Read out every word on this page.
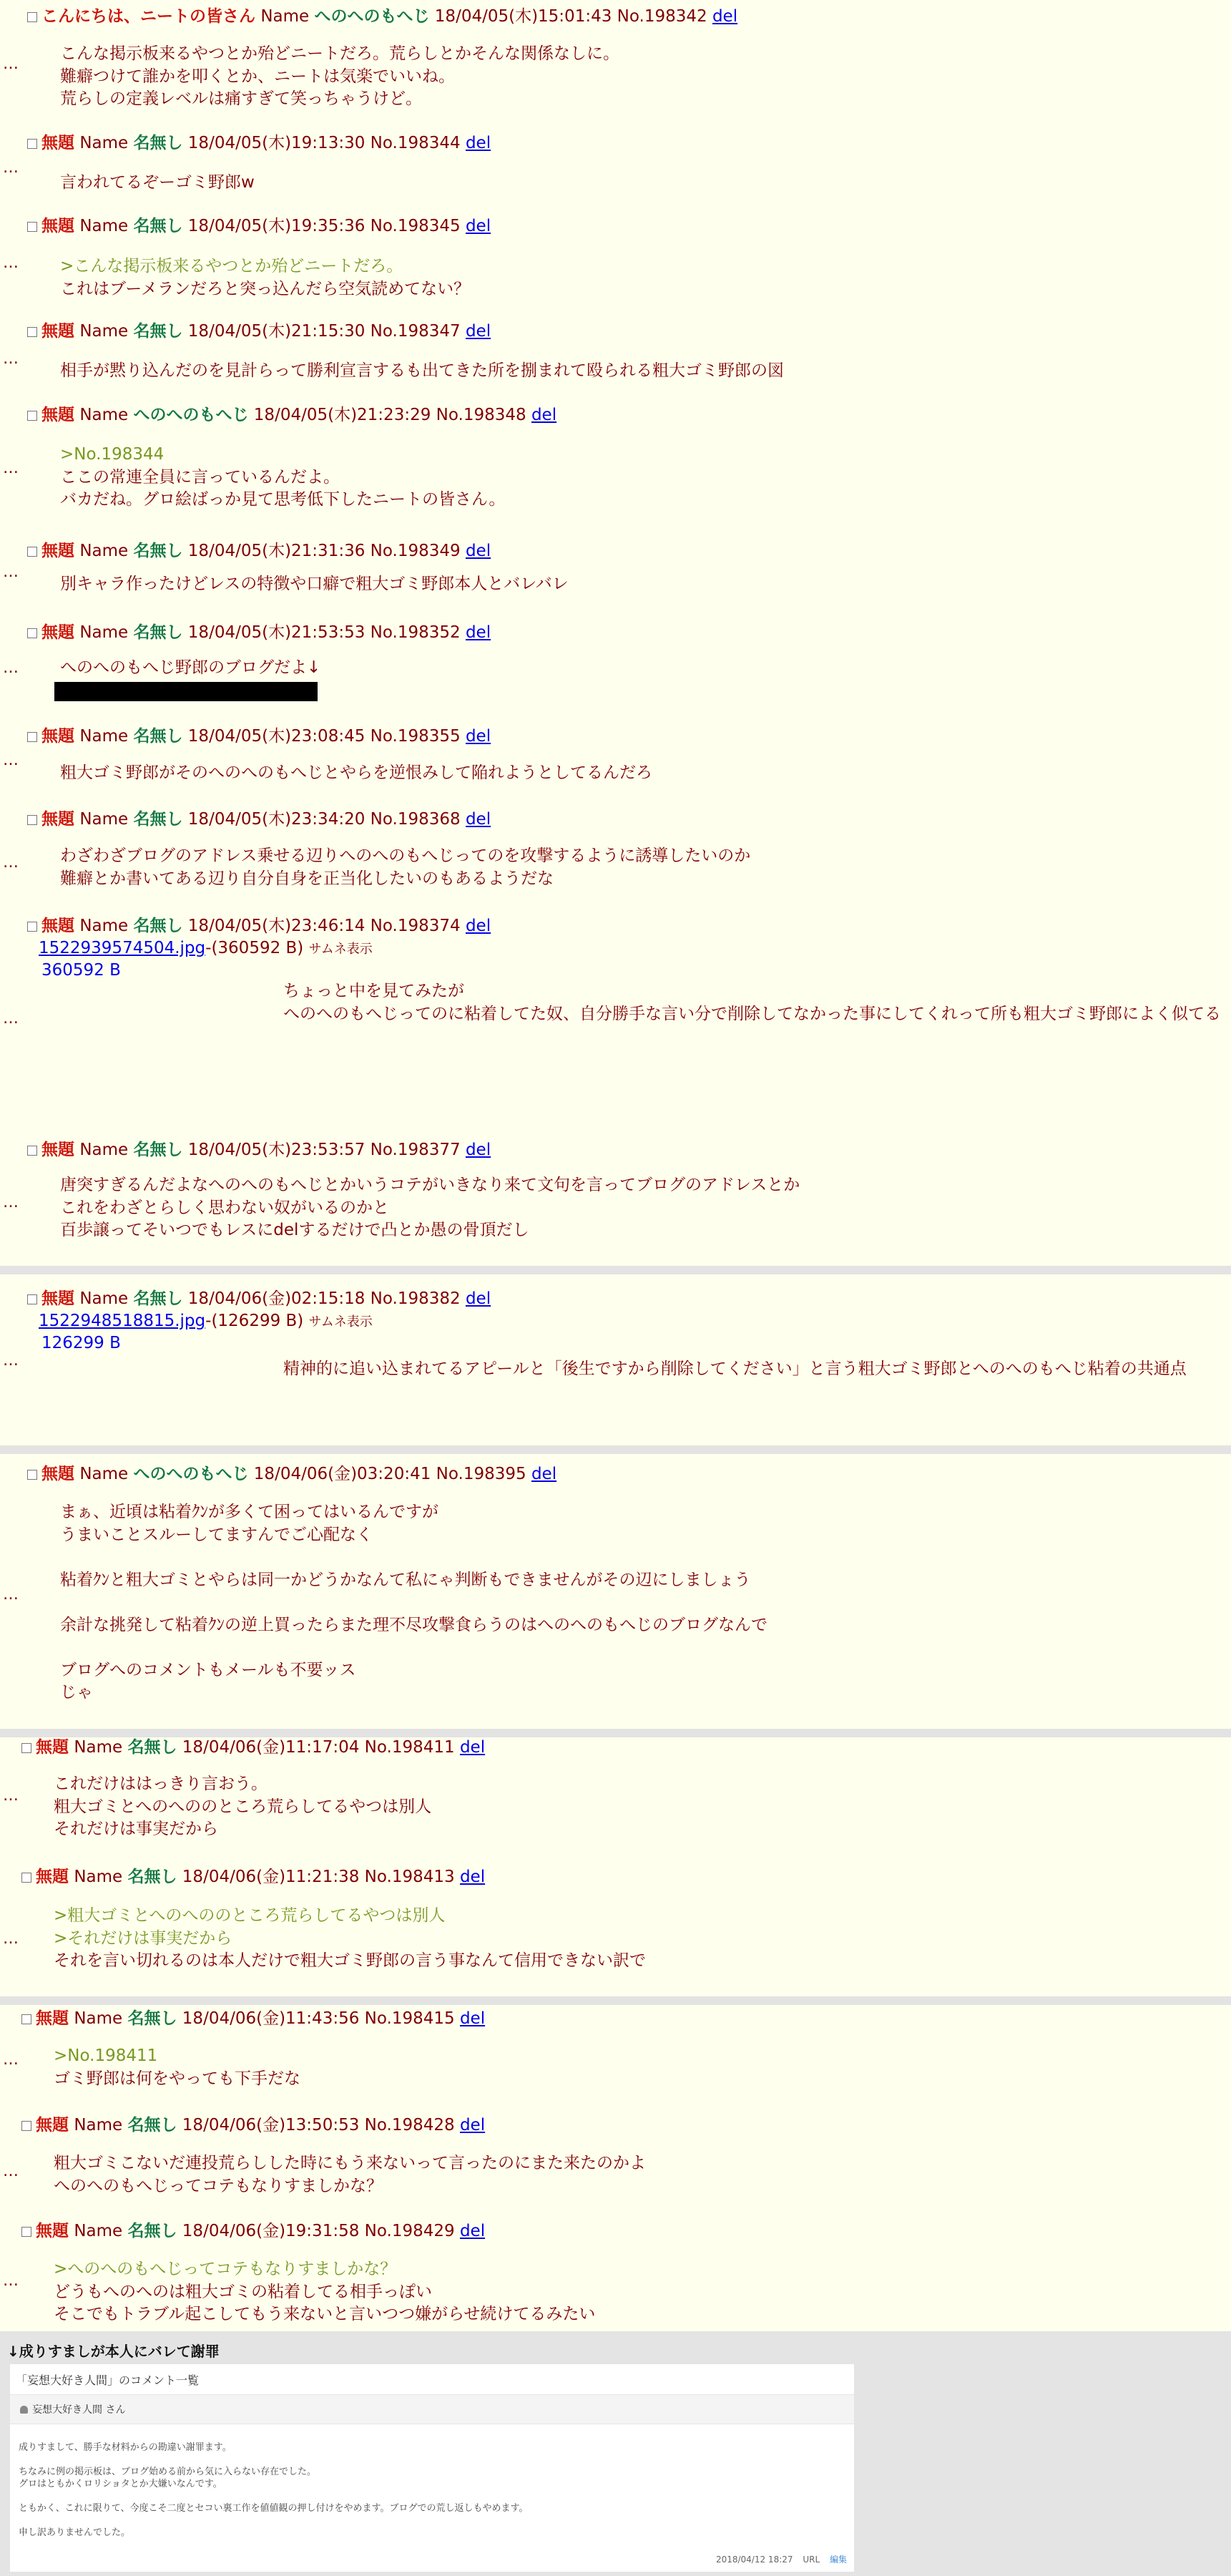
こんにちは、ニートの皆さん Name へのへのもへじ 18/04/05(木)15:01:43 No.198342 del
…
こんな掲示板来るやつとか殆どニートだろ。荒らしとかそんな関係なしに。
難癖つけて誰かを叩くとか、ニートは気楽でいいね。
荒らしの定義レベルは痛すぎて笑っちゃうけど。
無題 Name 名無し 18/04/05(木)19:13:30 No.198344 del
…
言われてるぞーゴミ野郎w
無題 Name 名無し 18/04/05(木)19:35:36 No.198345 del
…	>こんな掲示板来るやつとか殆どニートだろ。
これはブーメランだろと突っ込んだら空気読めてない？
無題 Name 名無し 18/04/05(木)21:15:30 No.198347 del
…
相手が黙り込んだのを見計らって勝利宣言するも出てきた所を捌まれて殴られる粗大ゴミ野郎の図
無題 Name へのへのもへじ 18/04/05(木)21:23:29 No.198348 del
…
>No.198344
ここの常連全員に言っているんだよ。
バカだね。グロ絵ばっか見て思考低下したニートの皆さん。
無題 Name 名無し 18/04/05(木)21:31:36 No.198349 del
…
別キャラ作ったけどレスの特徴や口癖で粗大ゴミ野郎本人とバレバレ
無題 Name 名無し 18/04/05(木)21:53:53 No.198352 del
…	へのへのもへじ野郎のブログだよ↓
無題 Name 名無し 18/04/05(木)23:08:45 No.198355 del
…
粗大ゴミ野郎がそのへのへのもへじとやらを逆恨みして陥れようとしてるんだろ
無題 Name 名無し 18/04/05(木)23:34:20 No.198368 del
…	わざわざブログのアドレス乗せる辺りへのへのもへじってのを攻撃するように誘導したいのか
難癖とか書いてある辺り自分自身を正当化したいのもあるようだな
無題 Name 名無し 18/04/05(木)23:46:14 No.198374 del
1522939574504.jpg-(360592 B) サムネ表示
360592 B
…
ちょっと中を見てみたが
へのへのもへじってのに粘着してた奴、自分勝手な言い分で削除してなかった事にしてくれって所も粗大ゴミ野郎によく似てる
無題 Name 名無し 18/04/05(木)23:53:57 No.198377 del
…
唐突すぎるんだよなへのへのもへじとかいうコテがいきなり来て文句を言ってブログのアドレスとか
これをわざとらしく思わない奴がいるのかと
百歩譲ってそいつでもレスにdelするだけで凸とか愚の骨頂だし
無題 Name 名無し 18/04/06(金)02:15:18 No.198382 del
1522948518815.jpg-(126299 B) サムネ表示
126299 B
…	精神的に追い込まれてるアピールと「後生ですから削除してください」と言う粗大ゴミ野郎とへのへのもへじ粘着の共通点
無題 Name へのへのもへじ 18/04/06(金)03:20:41 No.198395 del
…
まぁ、近頃は粘着ｸﾝが多くて困ってはいるんですが
うまいことスルーしてますんでご心配なく
粘着ｸﾝと粗大ゴミとやらは同一かどうかなんて私にゃ判断もできませんがその辺にしましょう
余計な挑発して粘着ｸﾝの逆上買ったらまた理不尽攻撃食らうのはへのへのもへじのブログなんで
ブログへのコメントもメールも不要ッス
じゃ
無題 Name 名無し 18/04/06(金)11:17:04 No.198411 del
…
これだけははっきり言おう。
粗大ゴミとへのへののところ荒らしてるやつは別人
それだけは事実だから
無題 Name 名無し 18/04/06(金)11:21:38 No.198413 del
…
>粗大ゴミとへのへののところ荒らしてるやつは別人
>それだけは事実だから
それを言い切れるのは本人だけで粗大ゴミ野郎の言う事なんて信用できない訳で
無題 Name 名無し 18/04/06(金)11:43:56 No.198415 del
… >No.198411
ゴミ野郎は何をやっても下手だな
無題 Name 名無し 18/04/06(金)13:50:53 No.198428 del
… 粗大ゴミこないだ連投荒らしした時にもう来ないって言ったのにまた来たのかよ
へのへのもへじってコテもなりすましかな？
無題 Name 名無し 18/04/06(金)19:31:58 No.198429 del
…
>へのへのもへじってコテもなりすましかな？
どうもへのへのは粗大ゴミの粘着してる相手っぽい
そこでもトラブル起こしてもう来ないと言いつつ嫌がらせ続けてるみたい
↓成りすましが本人にバレて謝罪
「妄想大好き人間」のコメント一覧
妄想大好き人間 さん
成りすまして、勝手な材料からの勘違い謝罪ます。
ちなみに例の掲示板は、ブログ始める前から気に入らない存在でした。
グロはともかくロリショタとか大嫌いなんです。
ともかく、これに限りて、今度こそ二度とセコい裏工作を値値観の押し付けをやめます。ブログでの荒し返しもやめます。
申し訳ありませんでした。
2018/04/12 18:27 URL 編集
